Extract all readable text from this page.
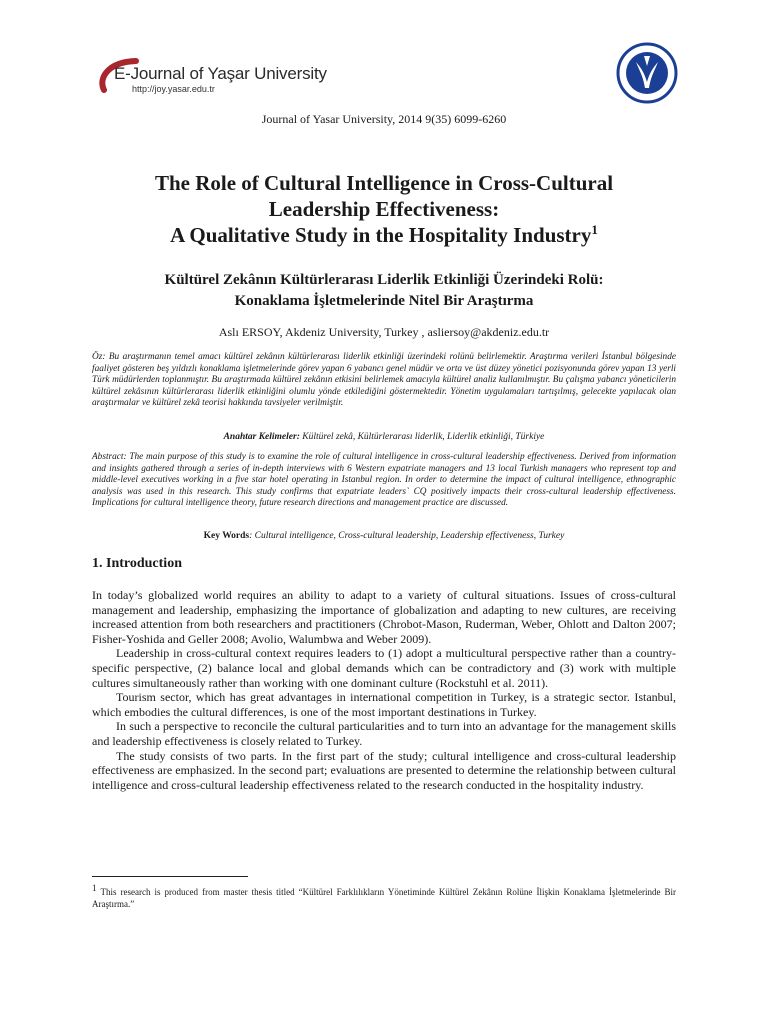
E-Journal of Yaşar University
http://joy.yasar.edu.tr
Journal of Yasar University, 2014 9(35) 6099-6260
The Role of Cultural Intelligence in Cross-Cultural
Leadership Effectiveness:
A Qualitative Study in the Hospitality Industry$^1$
Kültürel Zekânın Kültürlerarası Liderlik Etkinliği Üzerindeki Rolü:
Konaklama İşletmelerinde Nitel Bir Araştırma
Aslı ERSOY, Akdeniz University, Turkey , asliersoy@akdeniz.edu.tr

Öz: Bu araştırmanın temel amacı kültürel zekânın kültürlerarası liderlik etkinliği üzerindeki rolünü belirlemektir. Araştırma verileri İstanbul bölgesinde faaliyet gösteren beş yıldızlı konaklama işletmelerinde görev yapan 6 yabancı genel müdür ve orta ve üst düzey yönetici pozisyonunda görev yapan 13 yerli Türk müdürlerden toplanmıştır. Bu araştırmada kültürel zekânın etkisini belirlemek amacıyla kültürel analiz kullanılmıştır. Bu çalışma yabancı yöneticilerin kültürel zekâsının kültürlerarası liderlik etkinliğini olumlu yönde etkilediğini göstermektedir. Yönetim uygulamaları tartışılmış, gelecekte yapılacak olan araştırmalar ve kültürel zekâ teorisi hakkında tavsiyeler verilmiştir.

Anahtar Kelimeler: Kültürel zekâ, Kültürlerarası liderlik, Liderlik etkinliği, Türkiye

Abstract: The main purpose of this study is to examine the role of cultural intelligence in cross-cultural leadership effectiveness. Derived from information and insights gathered through a series of in-depth interviews with 6 Western expatriate managers and 13 local Turkish managers who represent top and middle-level executives working in a five star hotel operating in Istanbul region. In order to determine the impact of cultural intelligence, ethnographic analysis was used in this research. This study confirms that expatriate leaders` CQ positively impacts their cross-cultural leadership effectiveness. Implications for cultural intelligence theory, future research directions and management practice are discussed.

Key Words: Cultural intelligence, Cross-cultural leadership, Leadership effectiveness, Turkey
1. Introduction

In today’s globalized world requires an ability to adapt to a variety of cultural situations. Issues of cross-cultural management and leadership, emphasizing the importance of globalization and adapting to new cultures, are receiving increased attention from both researchers and practitioners (Chrobot-Mason, Ruderman, Weber, Ohlott and Dalton 2007; Fisher-Yoshida and Geller 2008; Avolio, Walumbwa and Weber 2009).

Leadership in cross-cultural context requires leaders to (1) adopt a multicultural perspective rather than a country-specific perspective, (2) balance local and global demands which can be contradictory and (3) work with multiple cultures simultaneously rather than working with one dominant culture (Rockstuhl et al. 2011).

Tourism sector, which has great advantages in international competition in Turkey, is a strategic sector. Istanbul, which embodies the cultural differences, is one of the most important destinations in Turkey.

In such a perspective to reconcile the cultural particularities and to turn into an advantage for the management skills and leadership effectiveness is closely related to Turkey.

The study consists of two parts. In the first part of the study; cultural intelligence and cross-cultural leadership effectiveness are emphasized. In the second part; evaluations are presented to determine the relationship between cultural intelligence and cross-cultural leadership effectiveness related to the research conducted in the hospitality industry.

$^1$ This research is produced from master thesis titled “Kültürel Farklılıkların Yönetiminde Kültürel Zekânın Rolüne İlişkin Konaklama İşletmelerinde Bir Araştırma.”
